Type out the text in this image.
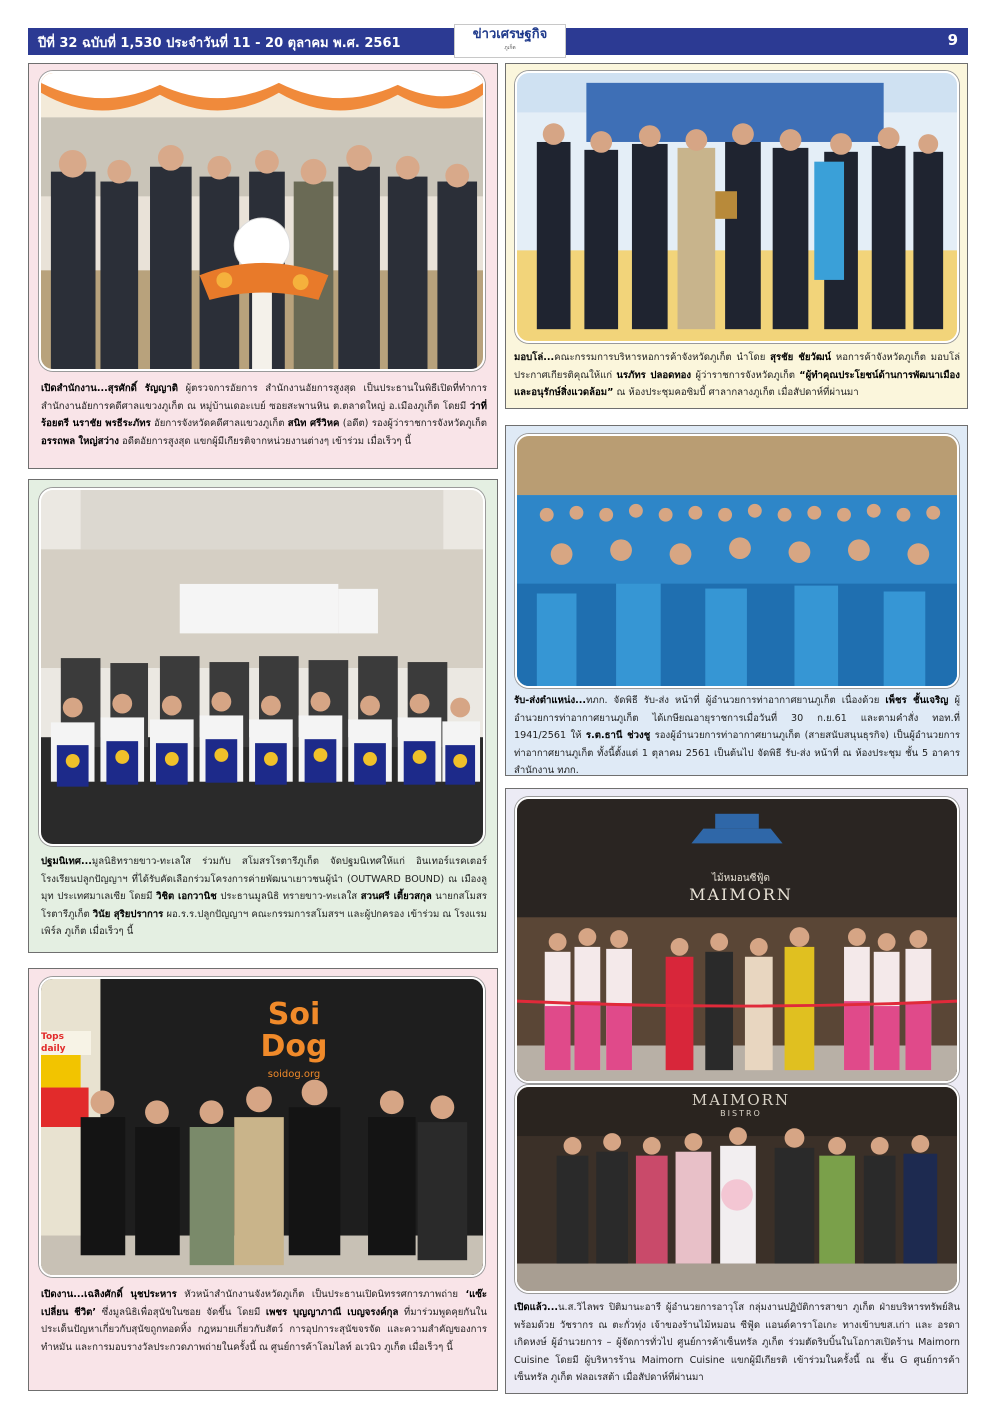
ปีที่ 32 ฉบับที่ 1,530 ประจำวันที่ 11 - 20 ตุลาคม พ.ศ. 2561	9
ข่าวเศรษฐกิจ
ภูเก็ต
เปิดสำนักงาน...สุรศักดิ์ รัญญาติ ผู้ตรวจการอัยการ สำนักงานอัยการสูงสุด เป็นประธานในพิธีเปิดที่ทำการสำนักงานอัยการคดีศาลแขวงภูเก็ต ณ หมู่บ้านเดอะเบย์ ซอยสะพานหิน ต.ตลาดใหญ่ อ.เมืองภูเก็ต โดยมี ว่าที่ร้อยตรี นราชัย พรธีระภัทร อัยการจังหวัดคดีศาลแขวงภูเก็ต สนิท ศรีวิหค (อดีต) รองผู้ว่าราชการจังหวัดภูเก็ต อรรถพล ใหญ่สว่าง อดีตอัยการสูงสุด แขกผู้มีเกียรติจากหน่วยงานต่างๆ เข้าร่วม เมื่อเร็วๆ นี้
มอบโล่...คณะกรรมการบริหารหอการค้าจังหวัดภูเก็ต นำโดย สุรชัย ชัยวัฒน์ หอการค้าจังหวัดภูเก็ต มอบโล่ประกาศเกียรติคุณให้แก่ นรภัทร ปลอดทอง ผู้ว่าราชการจังหวัดภูเก็ต “ผู้ทำคุณประโยชน์ด้านการพัฒนาเมืองและอนุรักษ์สิ่งแวดล้อม” ณ ห้องประชุมคอซิมบี้ ศาลากลางภูเก็ต เมื่อสัปดาห์ที่ผ่านมา
รับ-ส่งตำแหน่ง...ทภก. จัดพิธี รับ-ส่ง หน้าที่ ผู้อำนวยการท่าอากาศยานภูเก็ต เนื่องด้วย เพ็ชร ชั้นเจริญ ผู้อำนวยการท่าอากาศยานภูเก็ต ได้เกษียณอายุราชการเมื่อวันที่ 30 ก.ย.61 และตามคำสั่ง ทอท.ที่ 1941/2561 ให้ ร.ต.ธานี ช่วงชู รองผู้อำนวยการท่าอากาศยานภูเก็ต (สายสนับสนุนธุรกิจ) เป็นผู้อำนวยการท่าอากาศยานภูเก็ต ทั้งนี้ตั้งแต่ 1 ตุลาคม 2561 เป็นต้นไป จัดพิธี รับ-ส่ง หน้าที่ ณ ห้องประชุม ชั้น 5 อาคารสำนักงาน ทภก.
ปฐมนิเทศ...มูลนิธิทรายขาว-ทะเลใส ร่วมกับ สโมสรโรตารีภูเก็ต จัดปฐมนิเทศให้แก่ อินเทอร์แรคเตอร์โรงเรียนปลูกปัญญาฯ ที่ได้รับคัดเลือกร่วมโครงการค่ายพัฒนาเยาวชนผู้นำ (OUTWARD BOUND) ณ เมืองลูมุท ประเทศมาเลเซีย โดยมี วิชิต เอกวานิช ประธานมูลนิธิ ทรายขาว-ทะเลใส สวนศรี เตี้ยวสกุล นายกสโมสรโรตารีภูเก็ต วินัย สุริยปราการ ผอ.ร.ร.ปลูกปัญญาฯ คณะกรรมการสโมสรฯ และผู้ปกครอง เข้าร่วม ณ โรงแรมเพิร์ล ภูเก็ต เมื่อเร็วๆ นี้
Soi Dog
soidog.org
Tops daily
เปิดงาน...เฉลิงศักดิ์ นุชประหาร หัวหน้าสำนักงานจังหวัดภูเก็ต เป็นประธานเปิดนิทรรศการภาพถ่าย ‘แซ๊ะ เปลี่ยน ชีวิต’ ซึ่งมูลนิธิเพื่อสุนัขในซอย จัดขึ้น โดยมี เพชร บุญญาภาณี เบญจรงค์กุล ที่มาร่วมพูดคุยกันในประเด็นปัญหาเกี่ยวกับสุนัขถูกทอดทิ้ง กฎหมายเกี่ยวกับสัตว์ การอุปการะสุนัขจรจัด และความสำคัญของการทำหมัน และการมอบรางวัลประกวดภาพถ่ายในครั้งนี้ ณ ศูนย์การค้าโลมไลท์ อเวนิว ภูเก็ต เมื่อเร็วๆ นี้
ไม้หมอนซีฟู้ด
MAIMORN
MAIMORN
BISTRO
เปิดแล้ว...น.ส.วิไลพร ปิติมานะอารี ผู้อำนวยการอาวุโส กลุ่มงานปฏิบัติการสาขา ภูเก็ต ฝ่ายบริหารทรัพย์สิน พร้อมด้วย วัชรากร ณ ตะกั่วทุ่ง เจ้าของร้านไม้หมอน ซีฟู้ด แอนด์คาราโอเกะ ทางเข้าบขส.เก่า และ อรดา เกิดหงษ์ ผู้อำนวยการ – ผู้จัดการทั่วไป ศูนย์การค้าเซ็นทรัล ภูเก็ต ร่วมตัดริบบิ้นในโอกาสเปิดร้าน Maimorn Cuisine โดยมี ผู้บริหารร้าน Maimorn Cuisine แขกผู้มีเกียรติ เข้าร่วมในครั้งนี้ ณ ชั้น G ศูนย์การค้าเซ็นทรัล ภูเก็ต ฟลอเรสต้า เมื่อสัปดาห์ที่ผ่านมา
